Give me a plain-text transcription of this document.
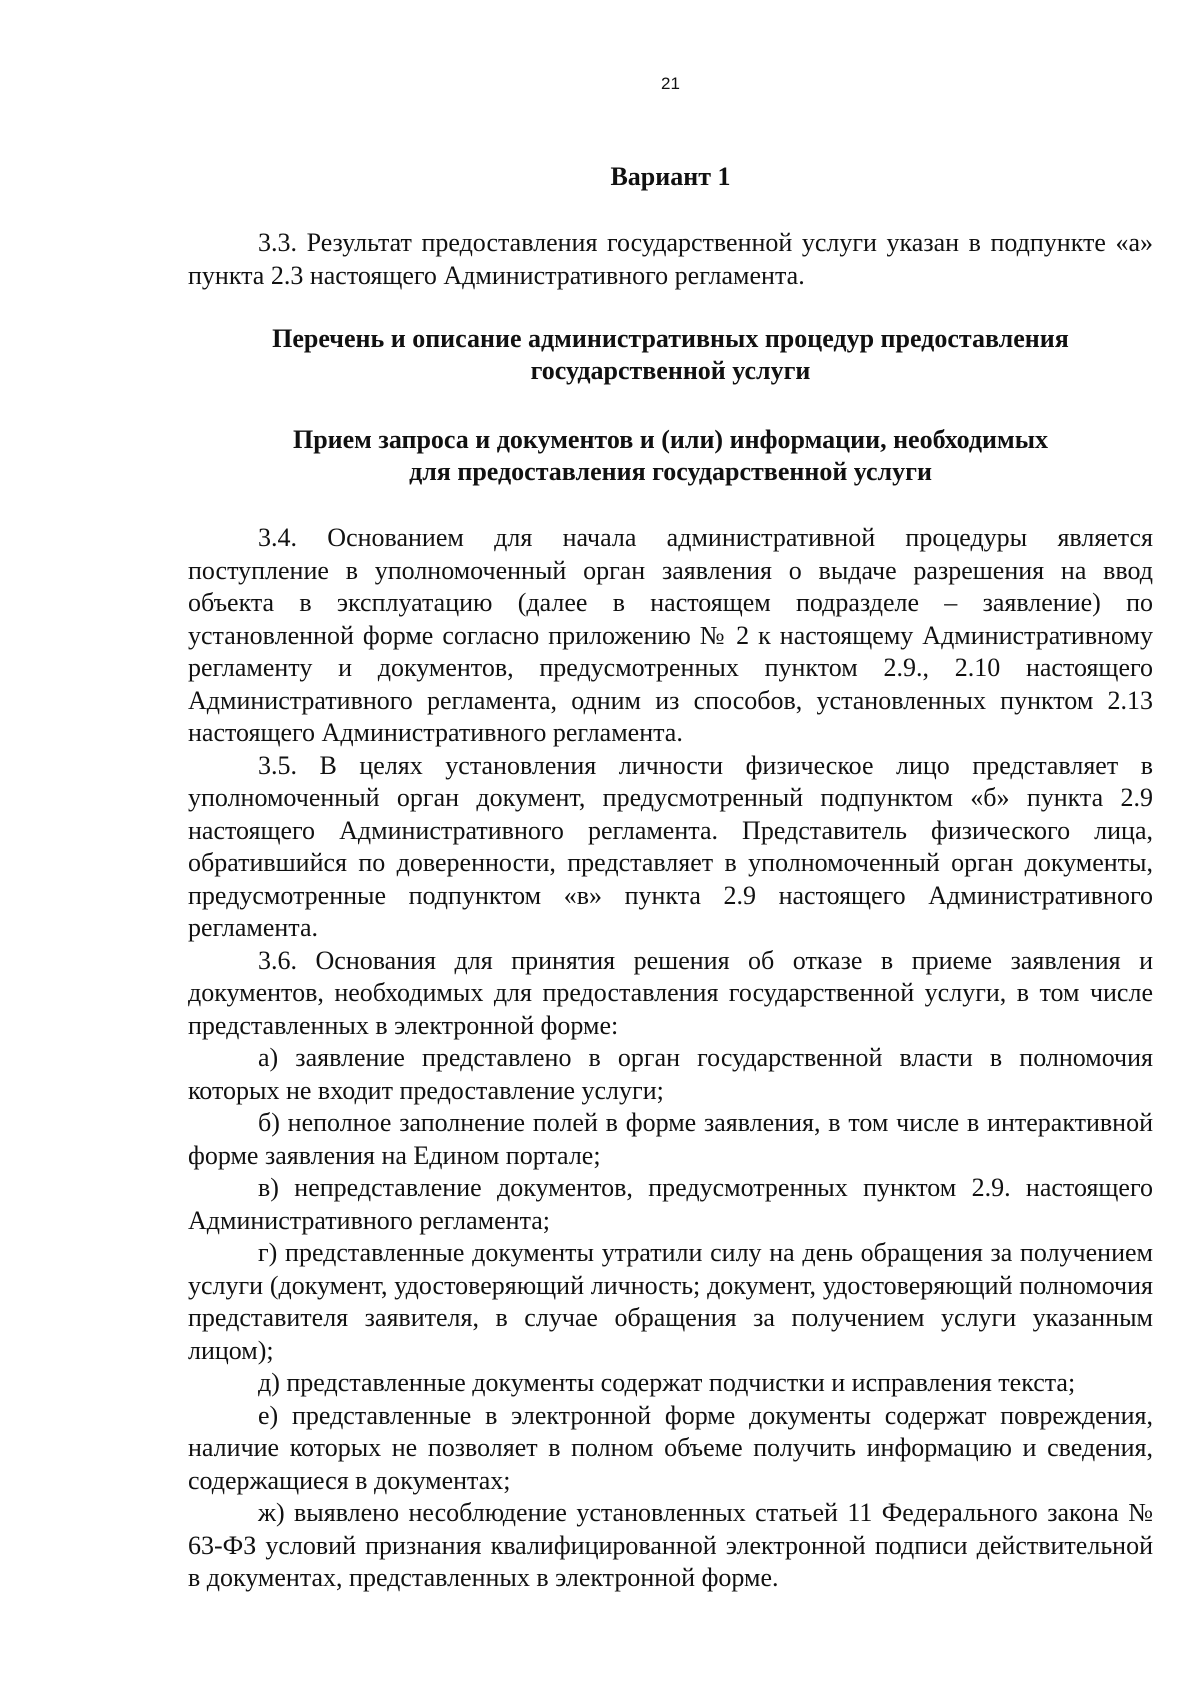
21

Вариант 1

3.3. Результат предоставления государственной услуги указан в подпункте «а» пункта 2.3 настоящего Административного регламента.

Перечень и описание административных процедур предоставления
государственной услуги
Прием запроса и документов и (или) информации, необходимых
для предоставления государственной услуги

3.4. Основанием для начала административной процедуры является поступление в уполномоченный орган заявления о выдаче разрешения на ввод объекта в эксплуатацию (далее в настоящем подразделе – заявление) по установленной форме согласно приложению № 2 к настоящему Административному регламенту и документов, предусмотренных пунктом 2.9., 2.10 настоящего Административного регламента, одним из способов, установленных пунктом 2.13 настоящего Административного регламента.

3.5. В целях установления личности физическое лицо представляет в уполномоченный орган документ, предусмотренный подпунктом «б» пункта 2.9 настоящего Административного регламента. Представитель физического лица, обратившийся по доверенности, представляет в уполномоченный орган документы, предусмотренные подпунктом «в» пункта 2.9 настоящего Административного регламента.

3.6. Основания для принятия решения об отказе в приеме заявления и документов, необходимых для предоставления государственной услуги, в том числе представленных в электронной форме:

а) заявление представлено в орган государственной власти в полномочия которых не входит предоставление услуги;

б) неполное заполнение полей в форме заявления, в том числе в интерактивной форме заявления на Едином портале;

в) непредставление документов, предусмотренных пунктом 2.9. настоящего Административного регламента;

г) представленные документы утратили силу на день обращения за получением услуги (документ, удостоверяющий личность; документ, удостоверяющий полномочия представителя заявителя, в случае обращения за получением услуги указанным лицом);

д) представленные документы содержат подчистки и исправления текста;

е) представленные в электронной форме документы содержат повреждения, наличие которых не позволяет в полном объеме получить информацию и сведения, содержащиеся в документах;

ж) выявлено несоблюдение установленных статьей 11 Федерального закона № 63-ФЗ условий признания квалифицированной электронной подписи действительной в документах, представленных в электронной форме.
